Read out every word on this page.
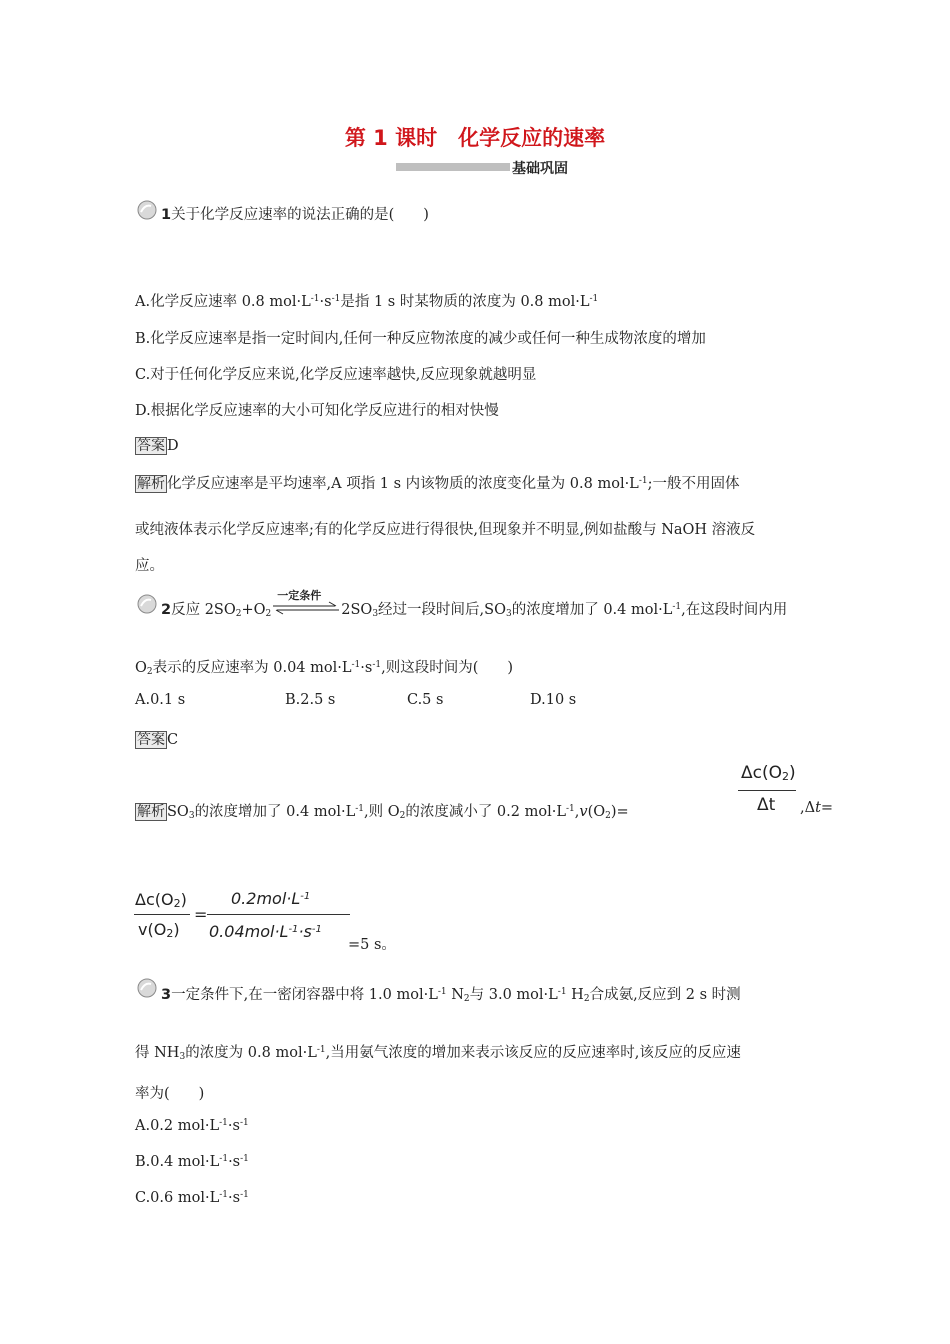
第 1 课时　化学反应的速率
基础巩固
1关于化学反应速率的说法正确的是(　　)
A.化学反应速率 0.8 $mol\cdot L^{-1}\cdot s^{-1}$是指 1 s 时某物质的浓度为 0.8 $mol\cdot L^{-1}$
B.化学反应速率是指一定时间内,任何一种反应物浓度的减少或任何一种生成物浓度的增加
C.对于任何化学反应来说,化学反应速率越快,反应现象就越明显
D.根据化学反应速率的大小可知化学反应进行的相对快慢
答案 D
解析 化学反应速率是平均速率,A 项指 1 s 内该物质的浓度变化量为 0.8 $mol\cdot L^{-1}$;一般不用固体
或纯液体表示化学反应速率;有的化学反应进行得很快,但现象并不明显,例如盐酸与 NaOH 溶液反
应。
2反应 $2SO_2+O_2$
一定条件
$2SO_3$经过一段时间后$,SO_3$的浓度增加了 0.4 $mol\cdot L^{-1}$,在这段时间内用
$O_2$表示的反应速率为 0.04 $mol\cdot L^{-1}\cdot s^{-1}$,则这段时间为(　　)
A.0.1 s	B.2.5 s	C.5 s	D.10 s
答案 C
解析 $SO_3$的浓度增加了 0.4 $mol\cdot L^{-1}$,则 $O_2$的浓度减小了 0.2 $mol\cdot L^{-1},v(O_2)=$
$\Delta c(O_2)$
Δt ,Δt=
$\Delta c(O_2)$
$v(O_2)$
=
$0.2mol\cdot L^{-1}$
$0.04mol\cdot L^{-1}\cdot s^{-1}$
=5 s。
3一定条件下,在一密闭容器中将 1.0 $mol\cdot L^{-1}$ $N_2$与 3.0 $mol\cdot L^{-1}$ $H_2$合成氨,反应到 2 s 时测
得 $NH_3$的浓度为 0.8 $mol\cdot L^{-1}$,当用氨气浓度的增加来表示该反应的反应速率时,该反应的反应速
率为(　　)
A.0.2 $mol\cdot L^{-1}\cdot s^{-1}$
B.0.4 $mol\cdot L^{-1}\cdot s^{-1}$
C.0.6 $mol\cdot L^{-1}\cdot s^{-1}$
